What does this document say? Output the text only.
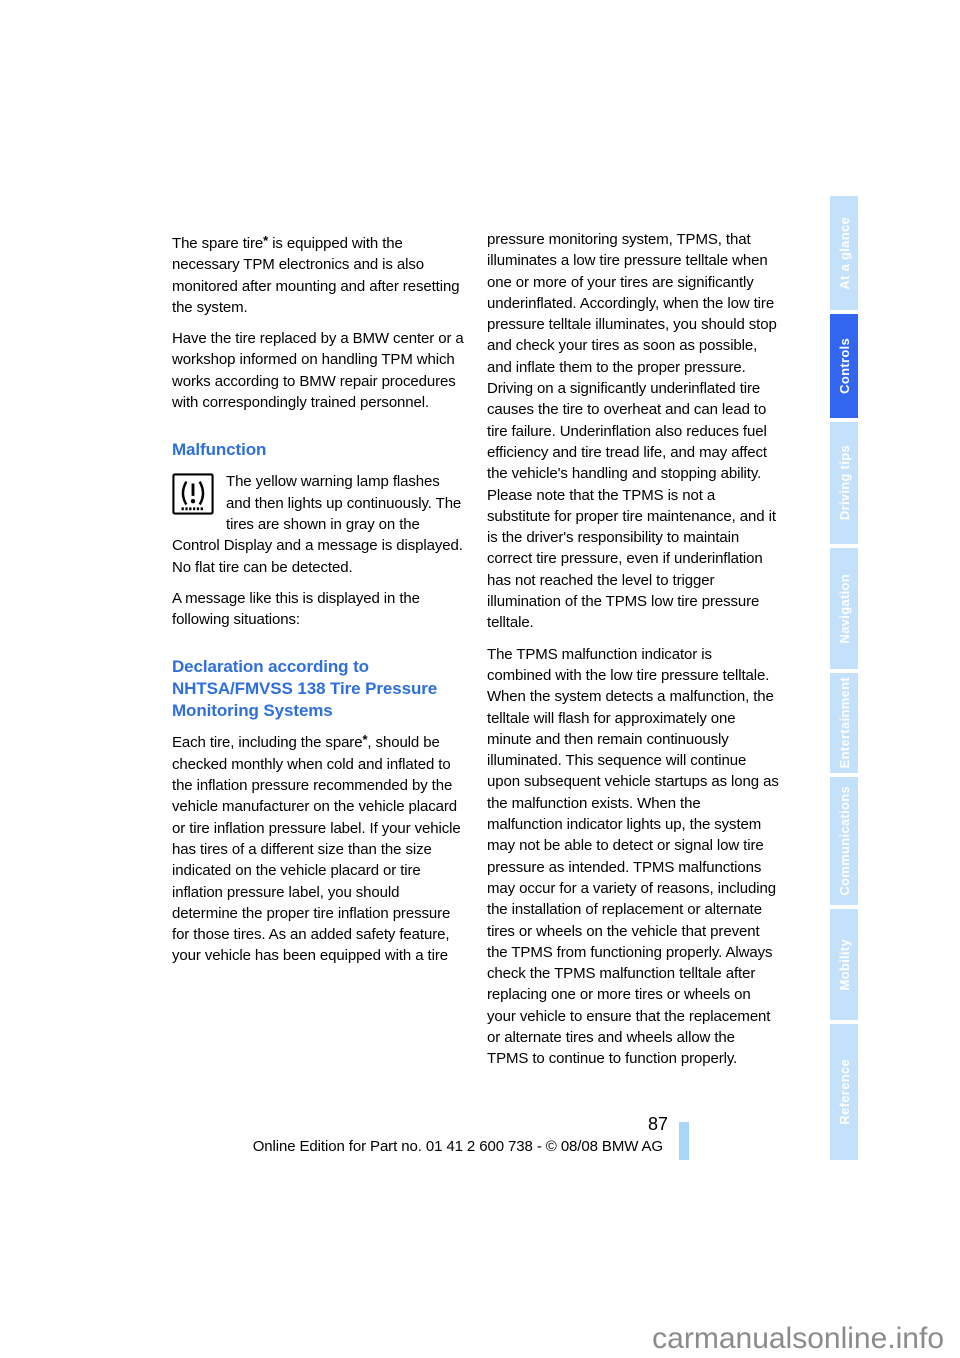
The spare tire* is equipped with the necessary TPM electronics and is also monitored after mounting and after resetting the system.
Have the tire replaced by a BMW center or a workshop informed on handling TPM which works according to BMW repair procedures with correspondingly trained personnel.
Malfunction
The yellow warning lamp flashes and then lights up continuously. The tires are shown in gray on the Control Display and a message is displayed. No flat tire can be detected.
A message like this is displayed in the following situations:
Declaration according to NHTSA/FMVSS 138 Tire Pressure Monitoring Systems
Each tire, including the spare*, should be checked monthly when cold and inflated to the inflation pressure recommended by the vehicle manufacturer on the vehicle placard or tire inflation pressure label. If your vehicle has tires of a different size than the size indicated on the vehicle placard or tire inflation pressure label, you should determine the proper tire inflation pressure for those tires. As an added safety feature, your vehicle has been equipped with a tire
pressure monitoring system, TPMS, that illuminates a low tire pressure telltale when one or more of your tires are significantly underinflated. Accordingly, when the low tire pressure telltale illuminates, you should stop and check your tires as soon as possible, and inflate them to the proper pressure. Driving on a significantly underinflated tire causes the tire to overheat and can lead to tire failure. Underinflation also reduces fuel efficiency and tire tread life, and may affect the vehicle's handling and stopping ability. Please note that the TPMS is not a substitute for proper tire maintenance, and it is the driver's responsibility to maintain correct tire pressure, even if underinflation has not reached the level to trigger illumination of the TPMS low tire pressure telltale.
The TPMS malfunction indicator is combined with the low tire pressure telltale. When the system detects a malfunction, the telltale will flash for approximately one minute and then remain continuously illuminated. This sequence will continue upon subsequent vehicle startups as long as the malfunction exists. When the malfunction indicator lights up, the system may not be able to detect or signal low tire pressure as intended. TPMS malfunctions may occur for a variety of reasons, including the installation of replacement or alternate tires or wheels on the vehicle that prevent the TPMS from functioning properly. Always check the TPMS malfunction telltale after replacing one or more tires or wheels on your vehicle to ensure that the replacement or alternate tires and wheels allow the TPMS to continue to function properly.
At a glance
Controls
Driving tips
Navigation
Entertainment
Communications
Mobility
Reference
87
Online Edition for Part no. 01 41 2 600 738 - © 08/08 BMW AG
carmanualsonline.info
